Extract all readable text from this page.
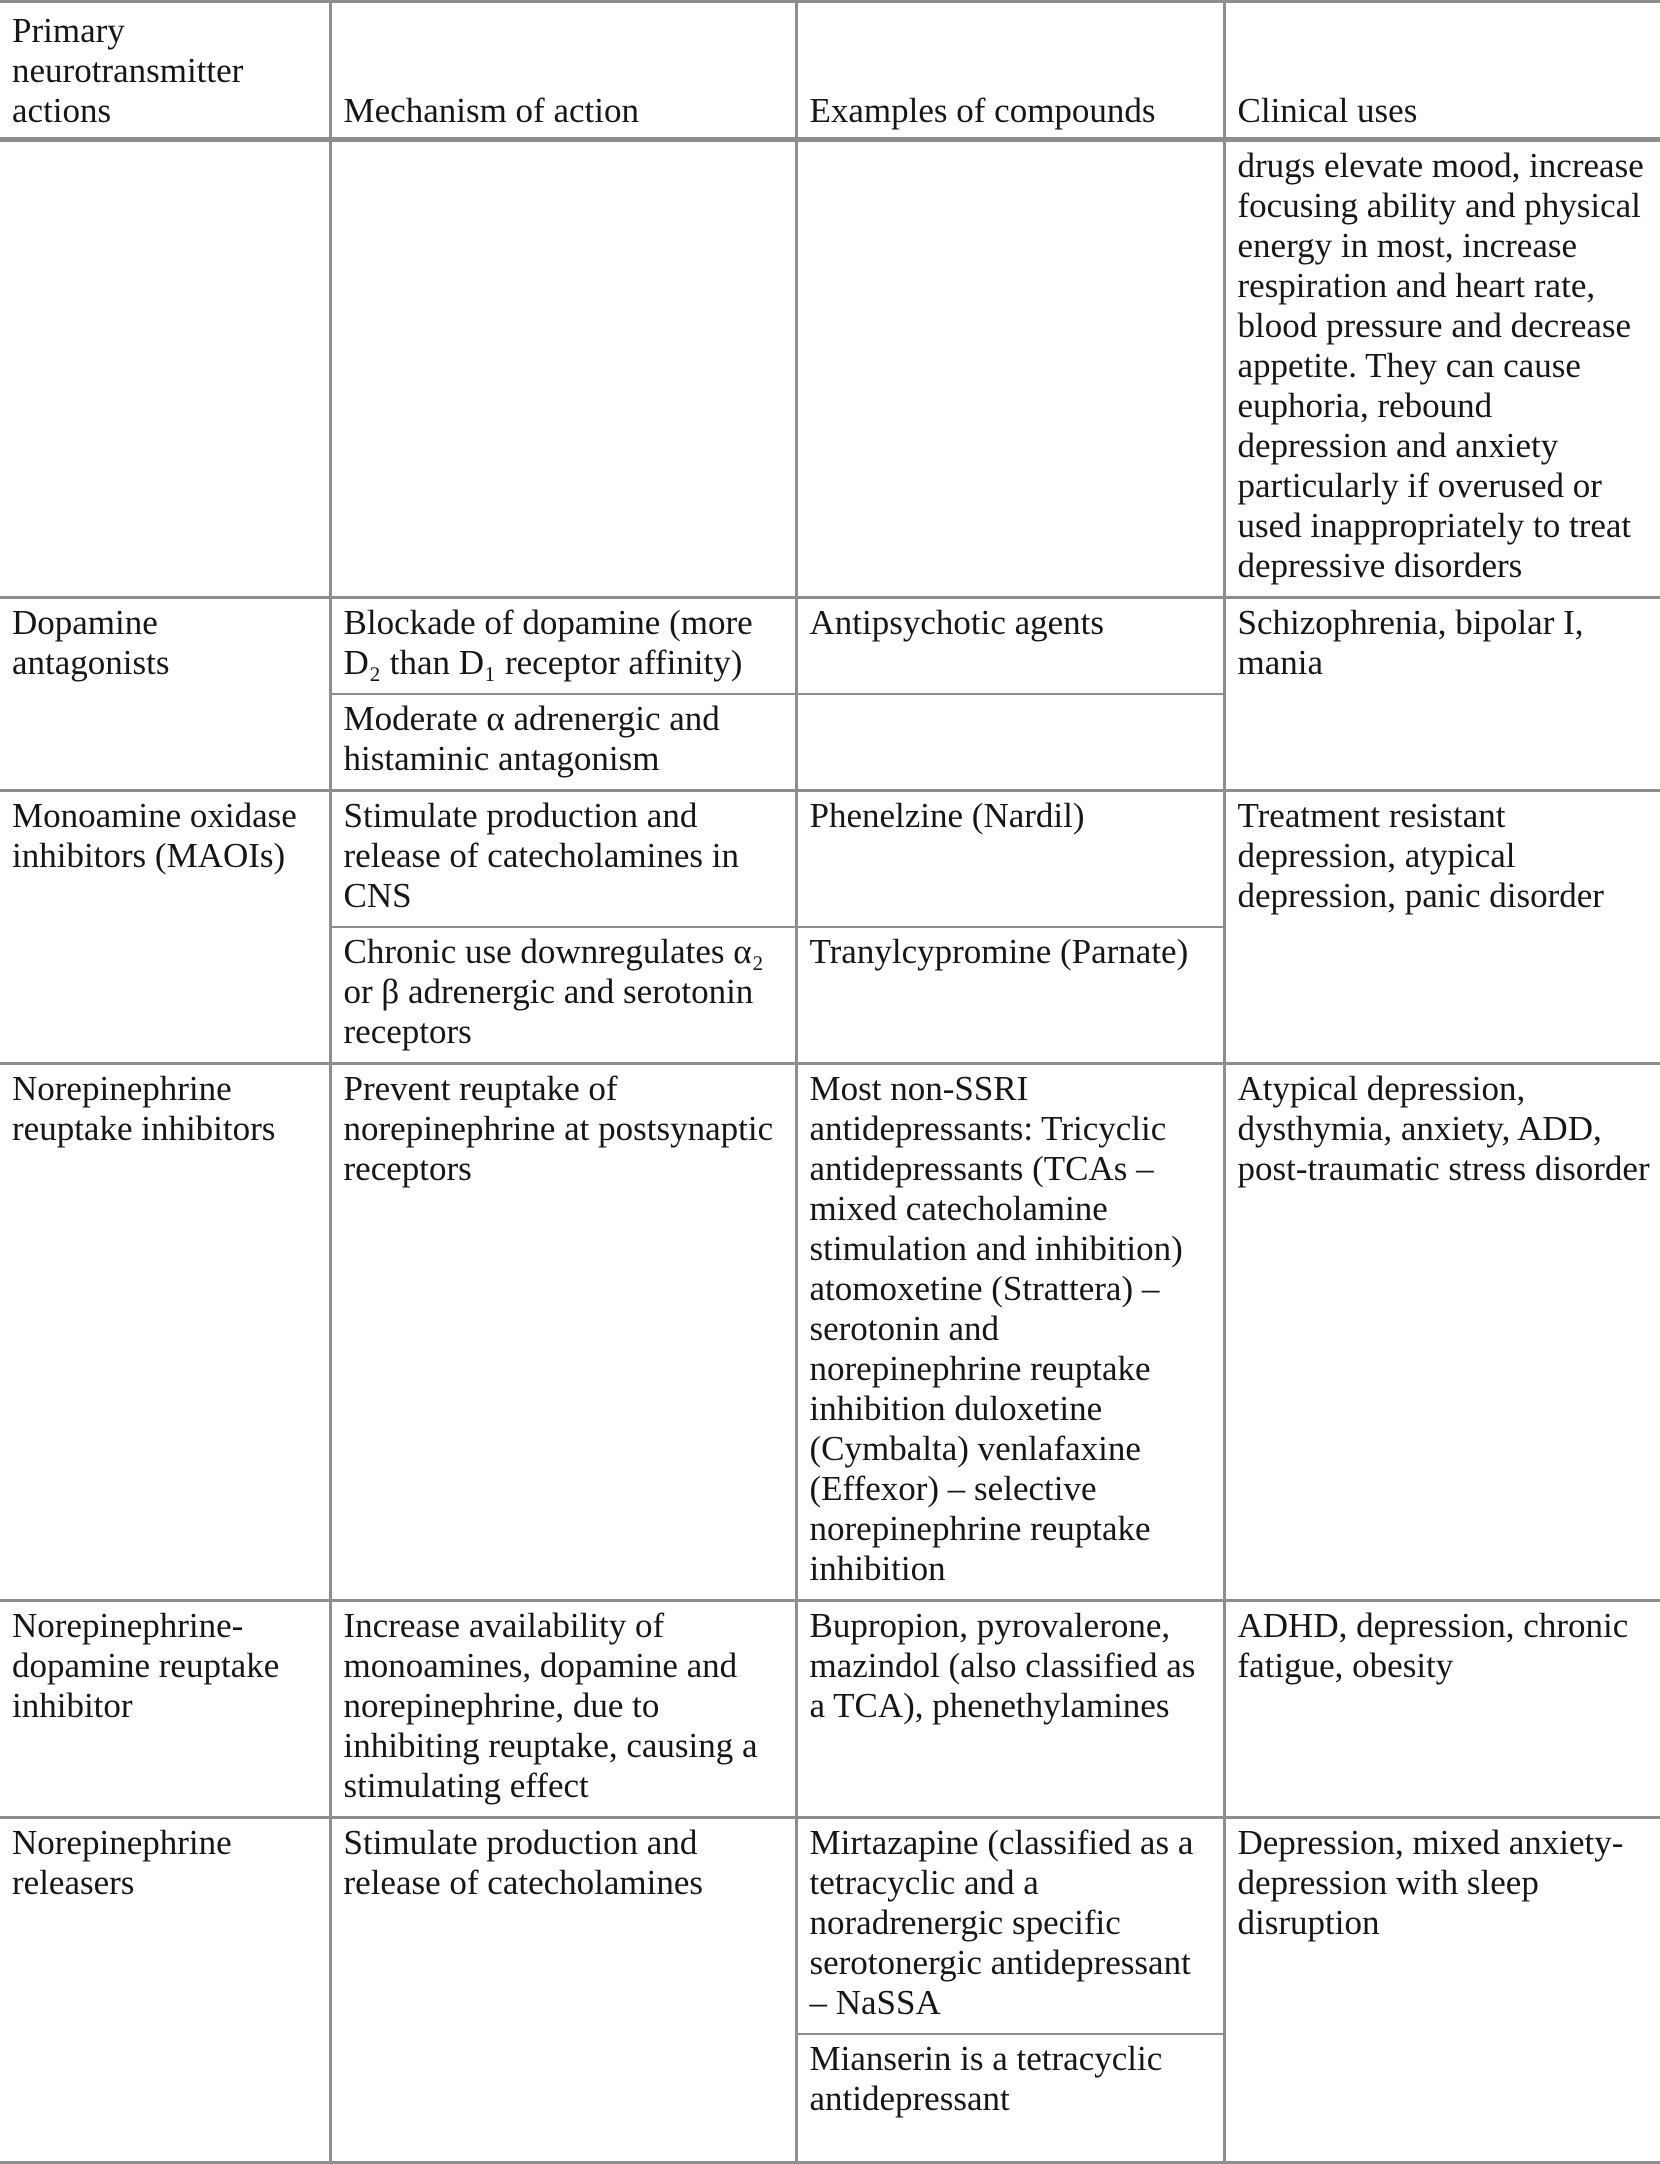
Primary neurotransmitter actions	Mechanism of action	Examples of compounds	Clinical uses
			drugs elevate mood, increase focusing ability and physical energy in most, increase respiration and heart rate, blood pressure and decrease appetite. They can cause euphoria, rebound depression and anxiety particularly if overused or used inappropriately to treat depressive disorders
Dopamine antagonists	Blockade of dopamine (more D₂ than D₁ receptor affinity)	Antipsychotic agents	Schizophrenia, bipolar I, mania
	Moderate α adrenergic and histaminic antagonism		
Monoamine oxidase inhibitors (MAOIs)	Stimulate production and release of catecholamines in CNS	Phenelzine (Nardil)	Treatment resistant depression, atypical depression, panic disorder
	Chronic use downregulates α₂ or β adrenergic and serotonin receptors	Tranylcypromine (Parnate)	
Norepinephrine reuptake inhibitors	Prevent reuptake of norepinephrine at postsynaptic receptors	Most non-SSRI antidepressants: Tricyclic antidepressants (TCAs – mixed catecholamine stimulation and inhibition) atomoxetine (Strattera) – serotonin and norepinephrine reuptake inhibition duloxetine (Cymbalta) venlafaxine (Effexor) – selective norepinephrine reuptake inhibition	Atypical depression, dysthymia, anxiety, ADD, post-traumatic stress disorder
Norepinephrine-dopamine reuptake inhibitor	Increase availability of monoamines, dopamine and norepinephrine, due to inhibiting reuptake, causing a stimulating effect	Bupropion, pyrovalerone, mazindol (also classified as a TCA), phenethylamines	ADHD, depression, chronic fatigue, obesity
Norepinephrine releasers	Stimulate production and release of catecholamines	Mirtazapine (classified as a tetracyclic and a noradrenergic specific serotonergic antidepressant – NaSSA	Depression, mixed anxiety-depression with sleep disruption
		Mianserin is a tetracyclic antidepressant	
